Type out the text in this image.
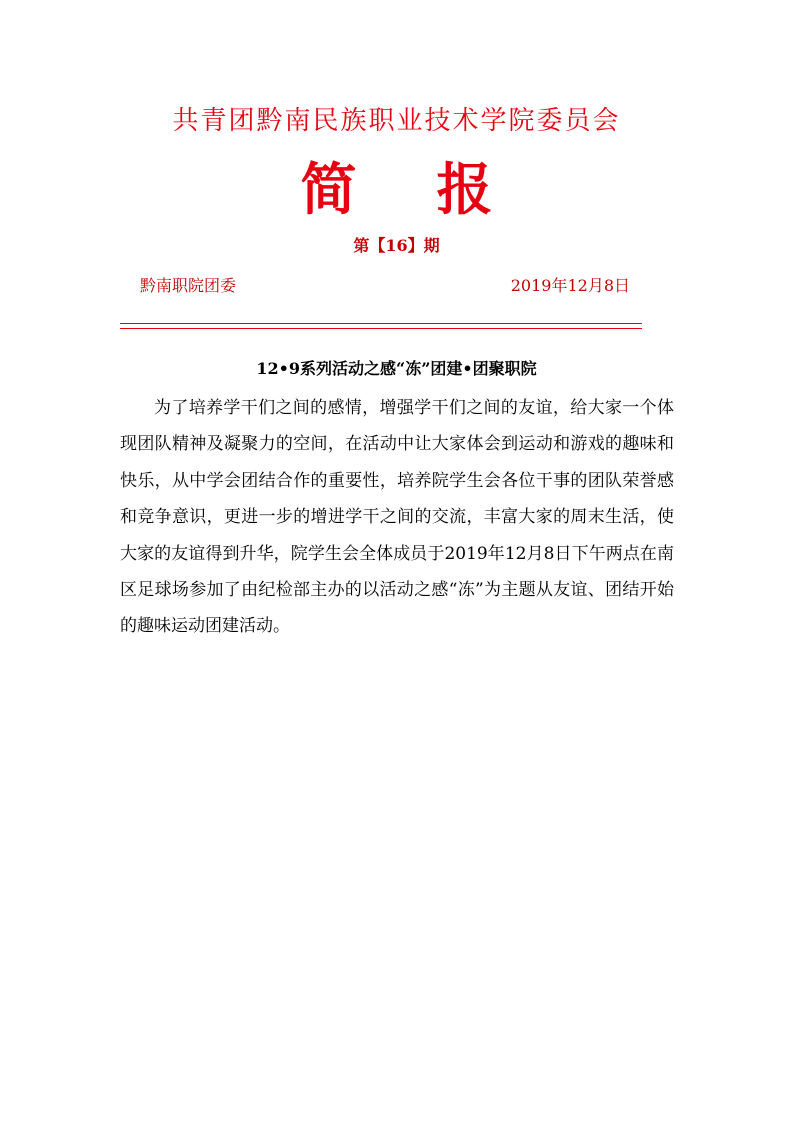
共青团黔南民族职业技术学院委员会
简 报
第【16】期
黔南职院团委	2019年12月8日
12•9系列活动之感“冻”团建•团聚职院

为了培养学干们之间的感情，增强学干们之间的友谊，给大家一个体现团队精神及凝聚力的空间，在活动中让大家体会到运动和游戏的趣味和快乐，从中学会团结合作的重要性，培养院学生会各位干事的团队荣誉感和竞争意识，更进一步的增进学干之间的交流，丰富大家的周末生活，使大家的友谊得到升华，院学生会全体成员于2019年12月8日下午两点在南区足球场参加了由纪检部主办的以活动之感“冻”为主题从友谊、团结开始的趣味运动团建活动。
